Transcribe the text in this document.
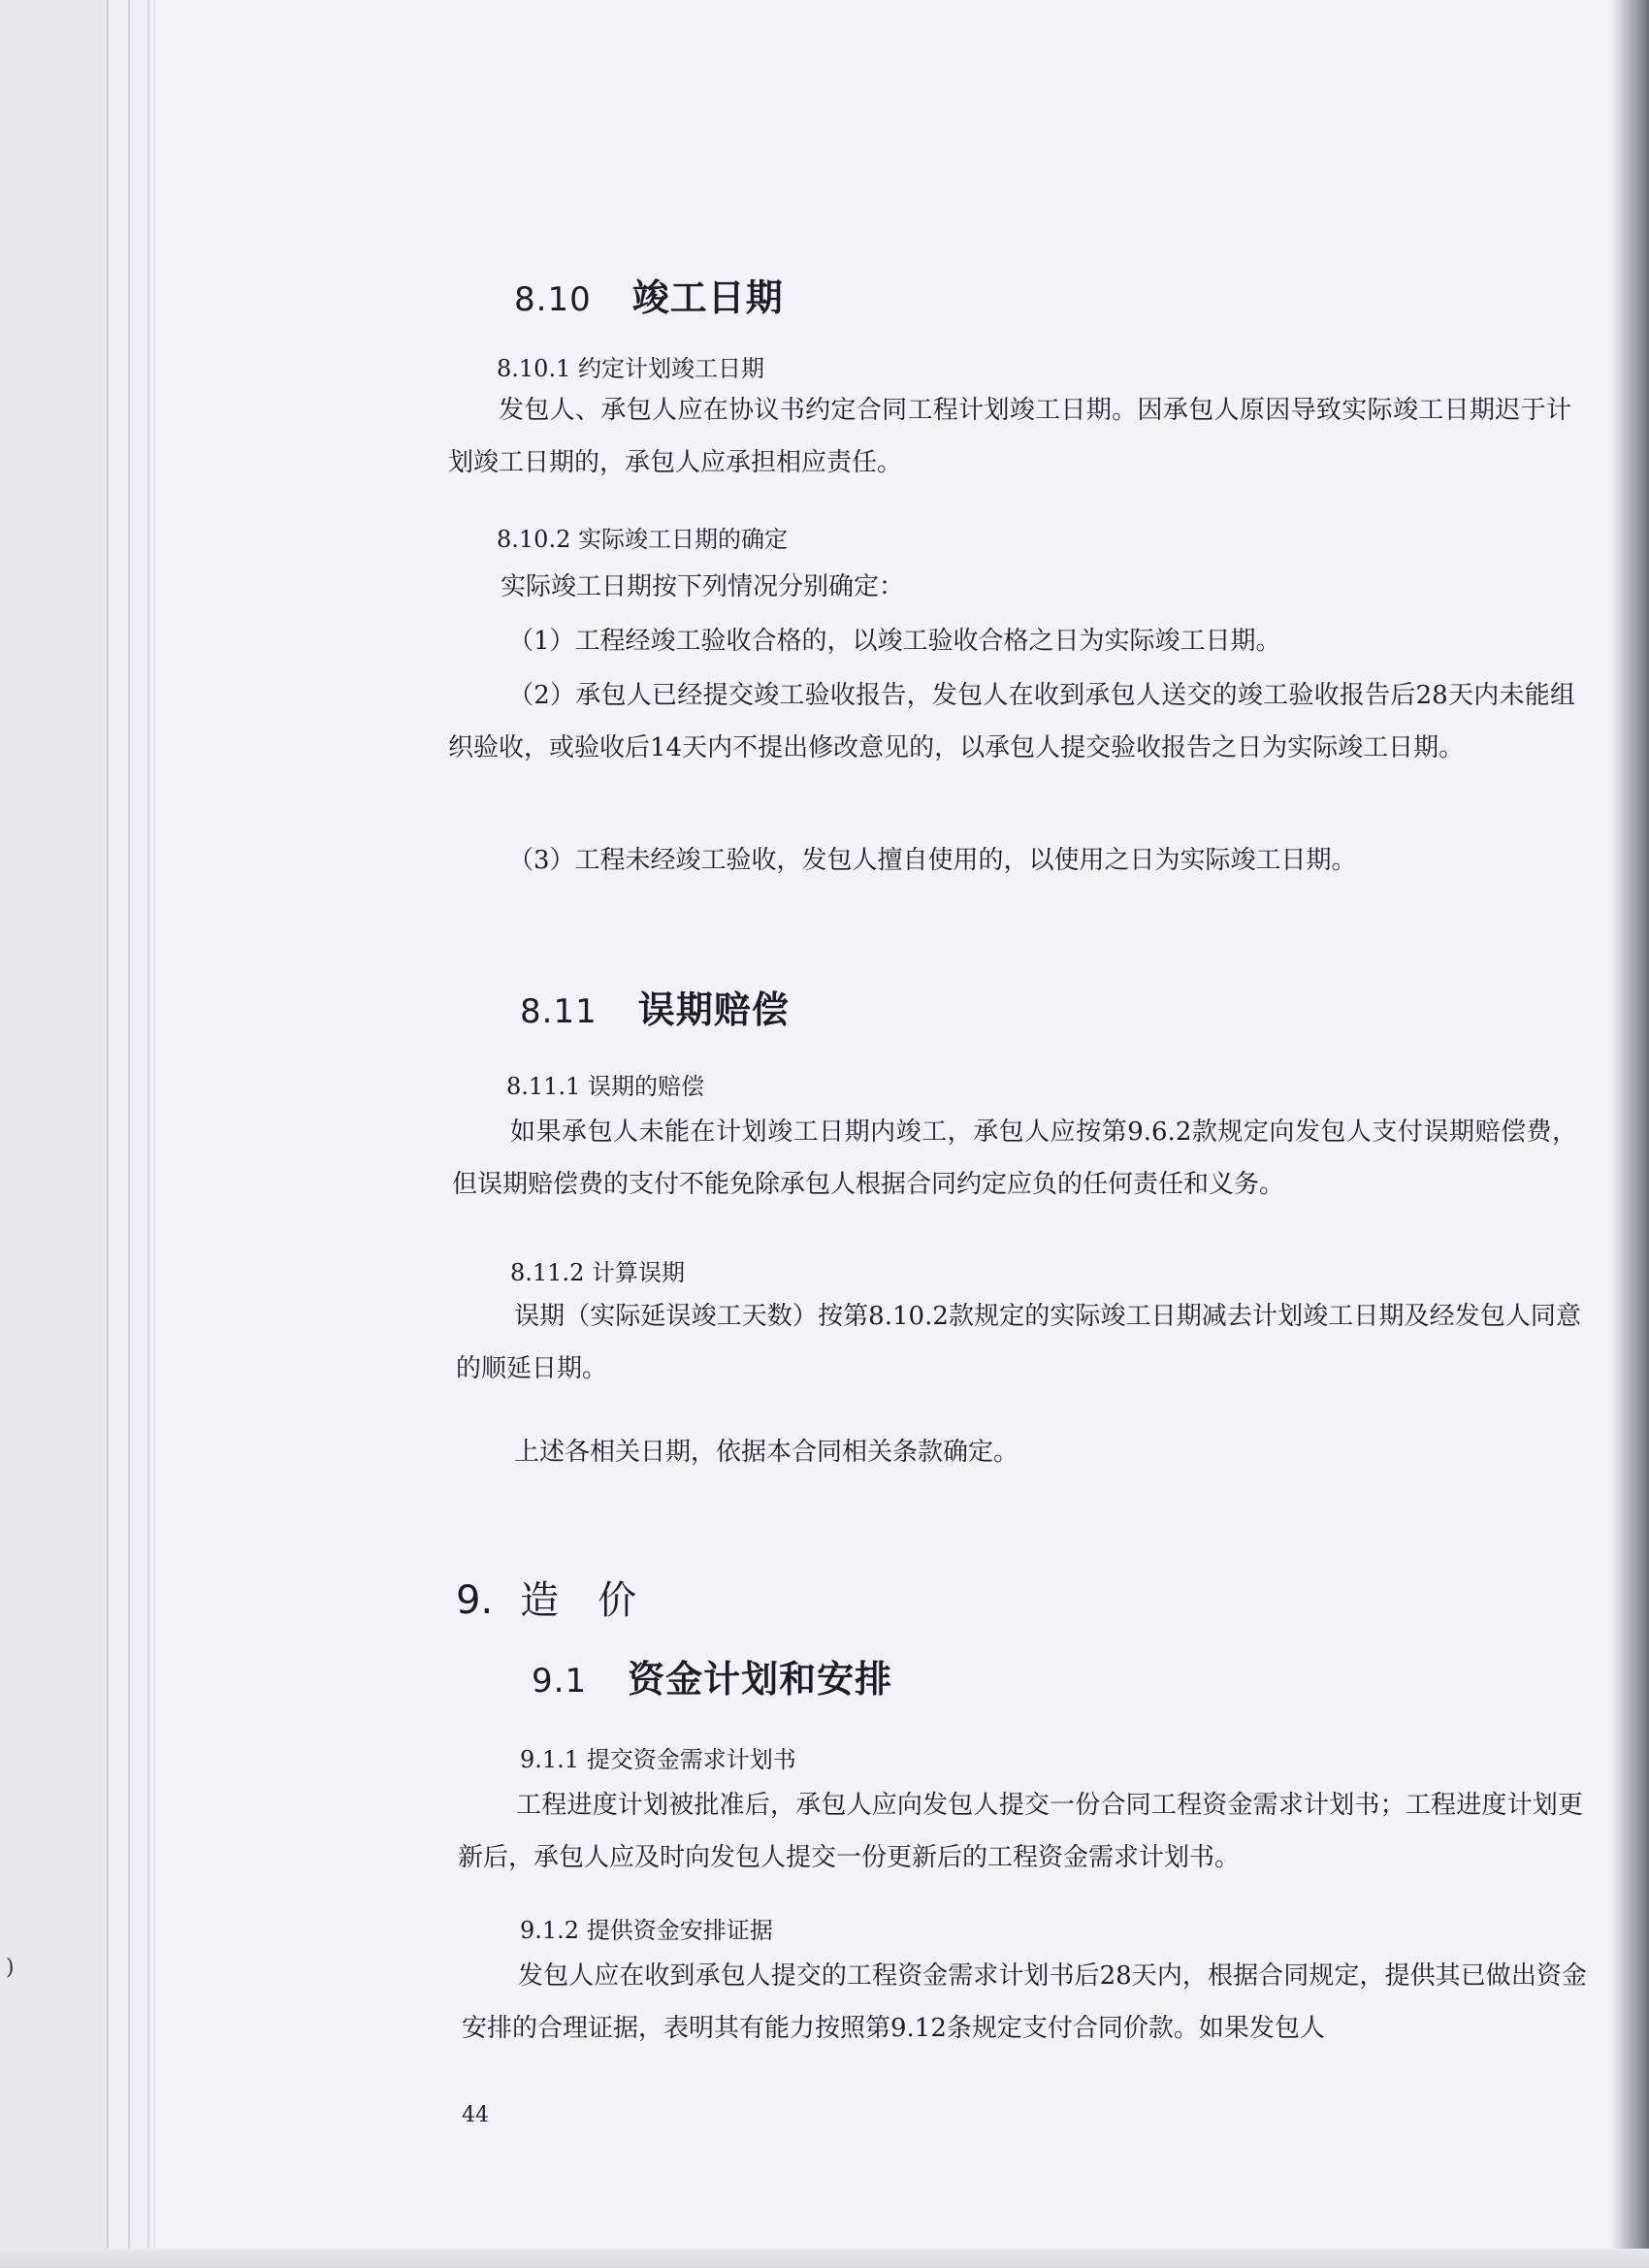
8.10 竣工日期

8.10.1 约定计划竣工日期

发包人、承包人应在协议书约定合同工程计划竣工日期。因承包人原因导致实际竣工日期迟于计划竣工日期的，承包人应承担相应责任。

8.10.2 实际竣工日期的确定

实际竣工日期按下列情况分别确定：

（1）工程经竣工验收合格的，以竣工验收合格之日为实际竣工日期。

（2）承包人已经提交竣工验收报告，发包人在收到承包人送交的竣工验收报告后28天内未能组织验收，或验收后14天内不提出修改意见的，以承包人提交验收报告之日为实际竣工日期。

（3）工程未经竣工验收，发包人擅自使用的，以使用之日为实际竣工日期。

8.11 误期赔偿

8.11.1 误期的赔偿

如果承包人未能在计划竣工日期内竣工，承包人应按第9.6.2款规定向发包人支付误期赔偿费，但误期赔偿费的支付不能免除承包人根据合同约定应负的任何责任和义务。

8.11.2 计算误期

误期（实际延误竣工天数）按第8.10.2款规定的实际竣工日期减去计划竣工日期及经发包人同意的顺延日期。

上述各相关日期，依据本合同相关条款确定。

9. 造　价
9.1 资金计划和安排

9.1.1 提交资金需求计划书

工程进度计划被批准后，承包人应向发包人提交一份合同工程资金需求计划书；工程进度计划更新后，承包人应及时向发包人提交一份更新后的工程资金需求计划书。

9.1.2 提供资金安排证据

发包人应在收到承包人提交的工程资金需求计划书后28天内，根据合同规定，提供其已做出资金安排的合理证据，表明其有能力按照第9.12条规定支付合同价款。如果发包人

44
)
